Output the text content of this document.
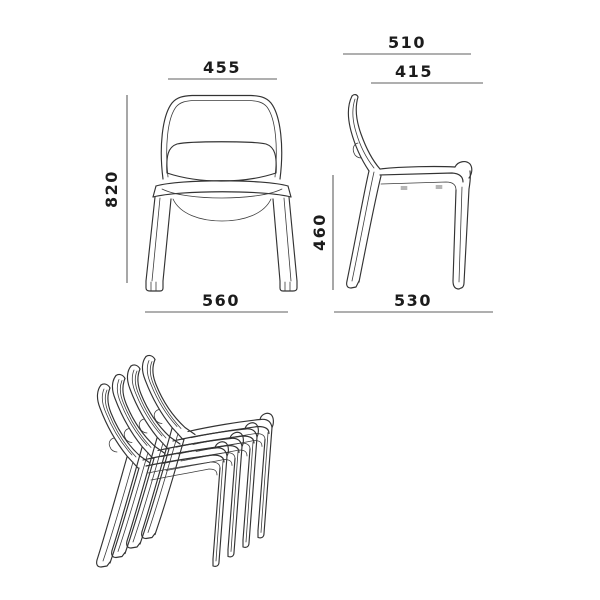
455
820
560
510
415
460
530
